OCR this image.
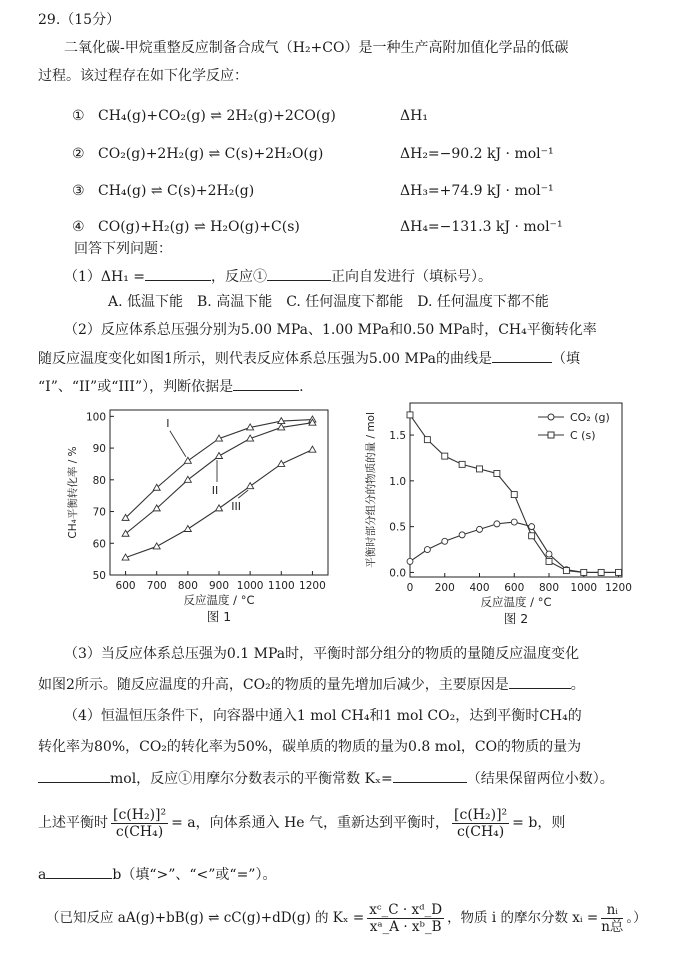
29.（15分）
二氧化碳-甲烷重整反应制备合成气（H₂+CO）是一种生产高附加值化学品的低碳
过程。该过程存在如下化学反应：
① CH₄(g)+CO₂(g) ⇌ 2H₂(g)+2CO(g)	ΔH₁
② CO₂(g)+2H₂(g) ⇌ C(s)+2H₂O(g)	ΔH₂=−90.2 kJ · mol⁻¹
③ CH₄(g) ⇌ C(s)+2H₂(g)	ΔH₃=+74.9 kJ · mol⁻¹
④ CO(g)+H₂(g) ⇌ H₂O(g)+C(s)	ΔH₄=−131.3 kJ · mol⁻¹
回答下列问题：
（1）ΔH₁ =	，反应①	正向自发进行（填标号）。
A. 低温下能　B. 高温下能　C. 任何温度下都能　D. 任何温度下都不能
（2）反应体系总压强分别为5.00 MPa、1.00 MPa和0.50 MPa时，CH₄平衡转化率
随反应温度变化如图1所示，则代表反应体系总压强为5.00 MPa的曲线是	（填
“I”、“II”或“III”），判断依据是	.
600 700 800 900 1000 1100 1200
50
60
70
80
90
100
反应温度 / °C
CH₄平衡转化率 / %
图 1
I
II
III
0 200 400 600 800 1000 1200
0.0
0.5
1.0
1.5
反应温度 / °C
平衡时部分组分的物质的量 / mol
图 2
CO₂ (g)
C (s)
（3）当反应体系总压强为0.1 MPa时，平衡时部分组分的物质的量随反应温度变化
如图2所示。随反应温度的升高，CO₂的物质的量先增加后减少，主要原因是	。
（4）恒温恒压条件下，向容器中通入1 mol CH₄和1 mol CO₂，达到平衡时CH₄的
转化率为80%，CO₂的转化率为50%，碳单质的物质的量为0.8 mol，CO的物质的量为
mol，反应①用摩尔分数表示的平衡常数 Kₓ=	（结果保留两位小数）。
上述平衡时 $\frac{\text{[c(H₂)]²}}{\text{c(CH₄)}} = a$，向体系通入 He 气，重新达到平衡时， $\frac{\text{[c(H₂)]²}}{\text{c(CH₄)}} = b$，则
a	b（填“>”、“<”或“=”）。
（已知反应 aA(g)+bB(g) ⇌ cC(g)+dD(g) 的 $K_x = \frac{\text{xᶜ\_C · xᵈ\_D}}{\text{xᵃ\_A · xᵇ\_B}}$ ，物质 i 的摩尔分数 xᵢ = $\frac{\text{nᵢ}}{\text{n总}}$ 。）
